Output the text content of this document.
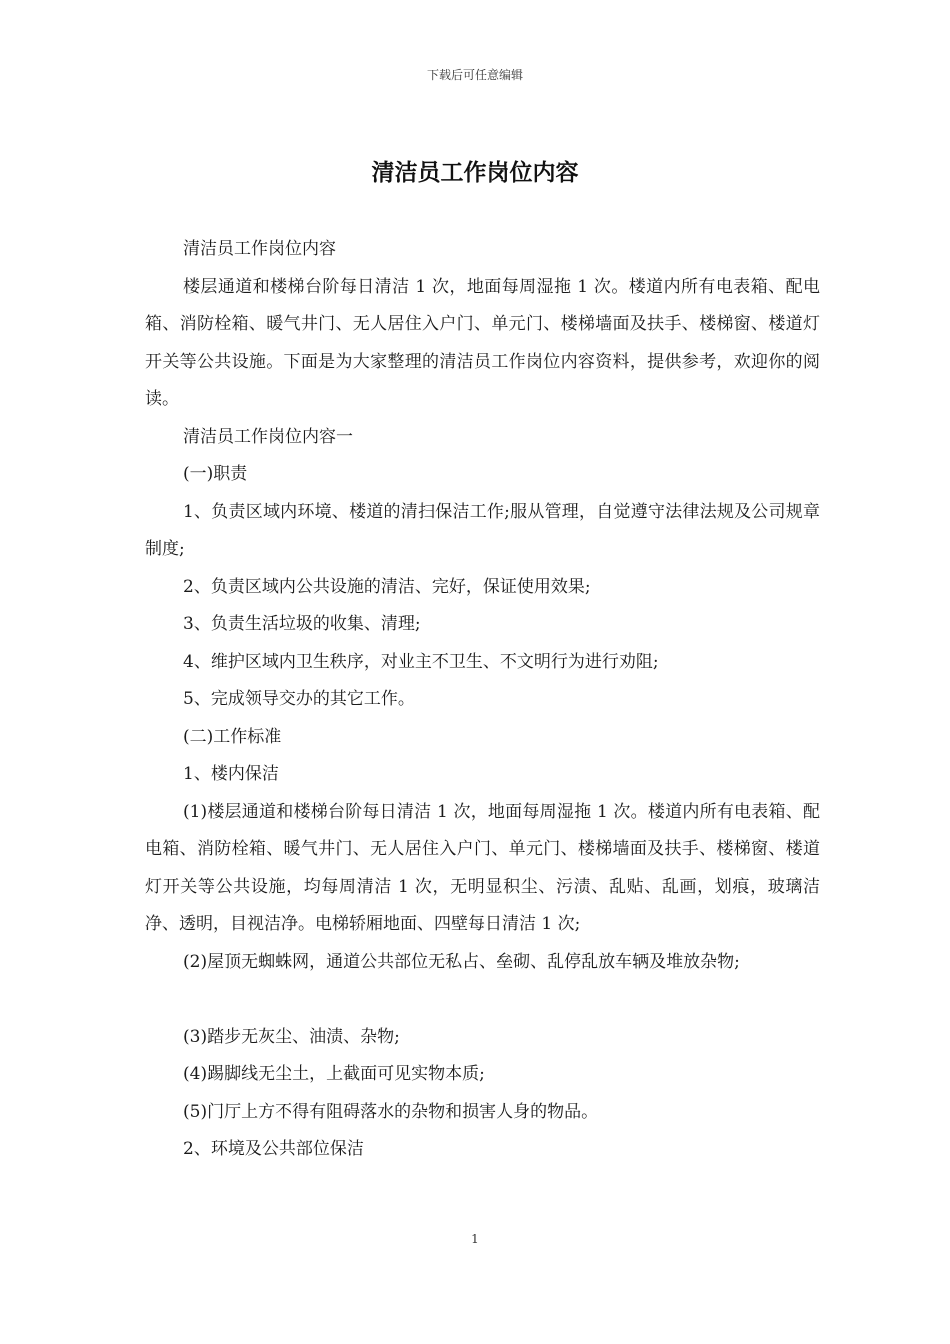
下载后可任意编辑
清洁员工作岗位内容

清洁员工作岗位内容

楼层通道和楼梯台阶每日清洁 1 次，地面每周湿拖 1 次。楼道内所有电表箱、配电箱、消防栓箱、暖气井门、无人居住入户门、单元门、楼梯墙面及扶手、楼梯窗、楼道灯开关等公共设施。下面是为大家整理的清洁员工作岗位内容资料，提供参考，欢迎你的阅读。

清洁员工作岗位内容一

(一)职责

1、负责区域内环境、楼道的清扫保洁工作;服从管理，自觉遵守法律法规及公司规章制度;

2、负责区域内公共设施的清洁、完好，保证使用效果;

3、负责生活垃圾的收集、清理;

4、维护区域内卫生秩序，对业主不卫生、不文明行为进行劝阻;

5、完成领导交办的其它工作。

(二)工作标准

1、楼内保洁

(1)楼层通道和楼梯台阶每日清洁 1 次，地面每周湿拖 1 次。楼道内所有电表箱、配电箱、消防栓箱、暖气井门、无人居住入户门、单元门、楼梯墙面及扶手、楼梯窗、楼道灯开关等公共设施，均每周清洁 1 次，无明显积尘、污渍、乱贴、乱画，划痕，玻璃洁净、透明，目视洁净。电梯轿厢地面、四壁每日清洁 1 次;

(2)屋顶无蜘蛛网，通道公共部位无私占、垒砌、乱停乱放车辆及堆放杂物;

(3)踏步无灰尘、油渍、杂物;

(4)踢脚线无尘土，上截面可见实物本质;

(5)门厅上方不得有阻碍落水的杂物和损害人身的物品。

2、环境及公共部位保洁

1
